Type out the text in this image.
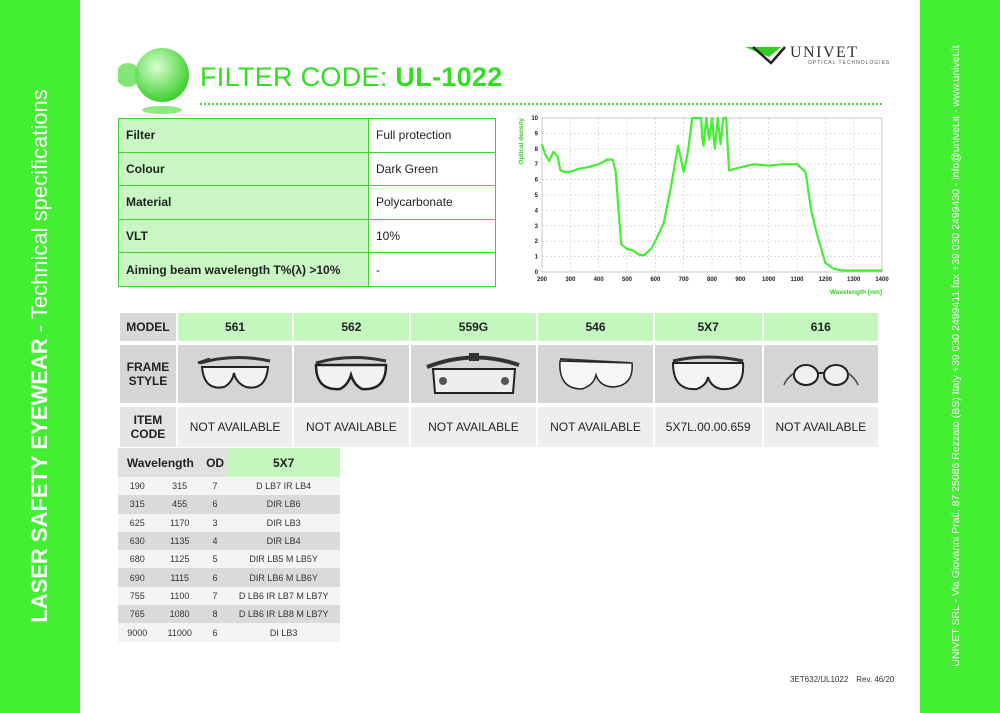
LASER SAFETY EYEWEAR - Technical specifications	UNIVET SRL - Via Giovanni Prati, 87 25086 Rezzato (BS) Italy +39 030 2499411 fax +39 030 2499430 - info@univet.it - www.univet.it
FILTER CODE: UL-1022
UNIVET
OPTICAL TECHNOLOGIES
Filter	Full protection
Colour	Dark Green
Material	Polycarbonate
VLT	10%
Aiming beam wavelength T%(λ) >10%	-
200	300	400	500	600	700	800	900	1000	1100	1200 1300 1400
0
1
2
3
4
5
6
7
8
9
10
Wavelength [nm]
Optical density
MODEL	561	562	559G	546	5X7	616

FRAME
STYLE						

ITEM
CODE	NOT AVAILABLE	NOT AVAILABLE	NOT AVAILABLE	NOT AVAILABLE	5X7L.00.00.659	NOT AVAILABLE
Wavelength		OD	5X7
190	315	7	D LB7 IR LB4
315	455	6	DIR LB6
625	1170	3	DIR LB3
630	1135	4	DIR LB4
680	1125	5	DIR LB5 M LB5Y
690	1115	6	DIR LB6 M LB6Y
755	1100	7	D LB6 IR LB7 M LB7Y
765	1080	8	D LB6 IR LB8 M LB7Y
9000	11000	6	DI LB3
3ET632/UL1022 Rev. 46/20
